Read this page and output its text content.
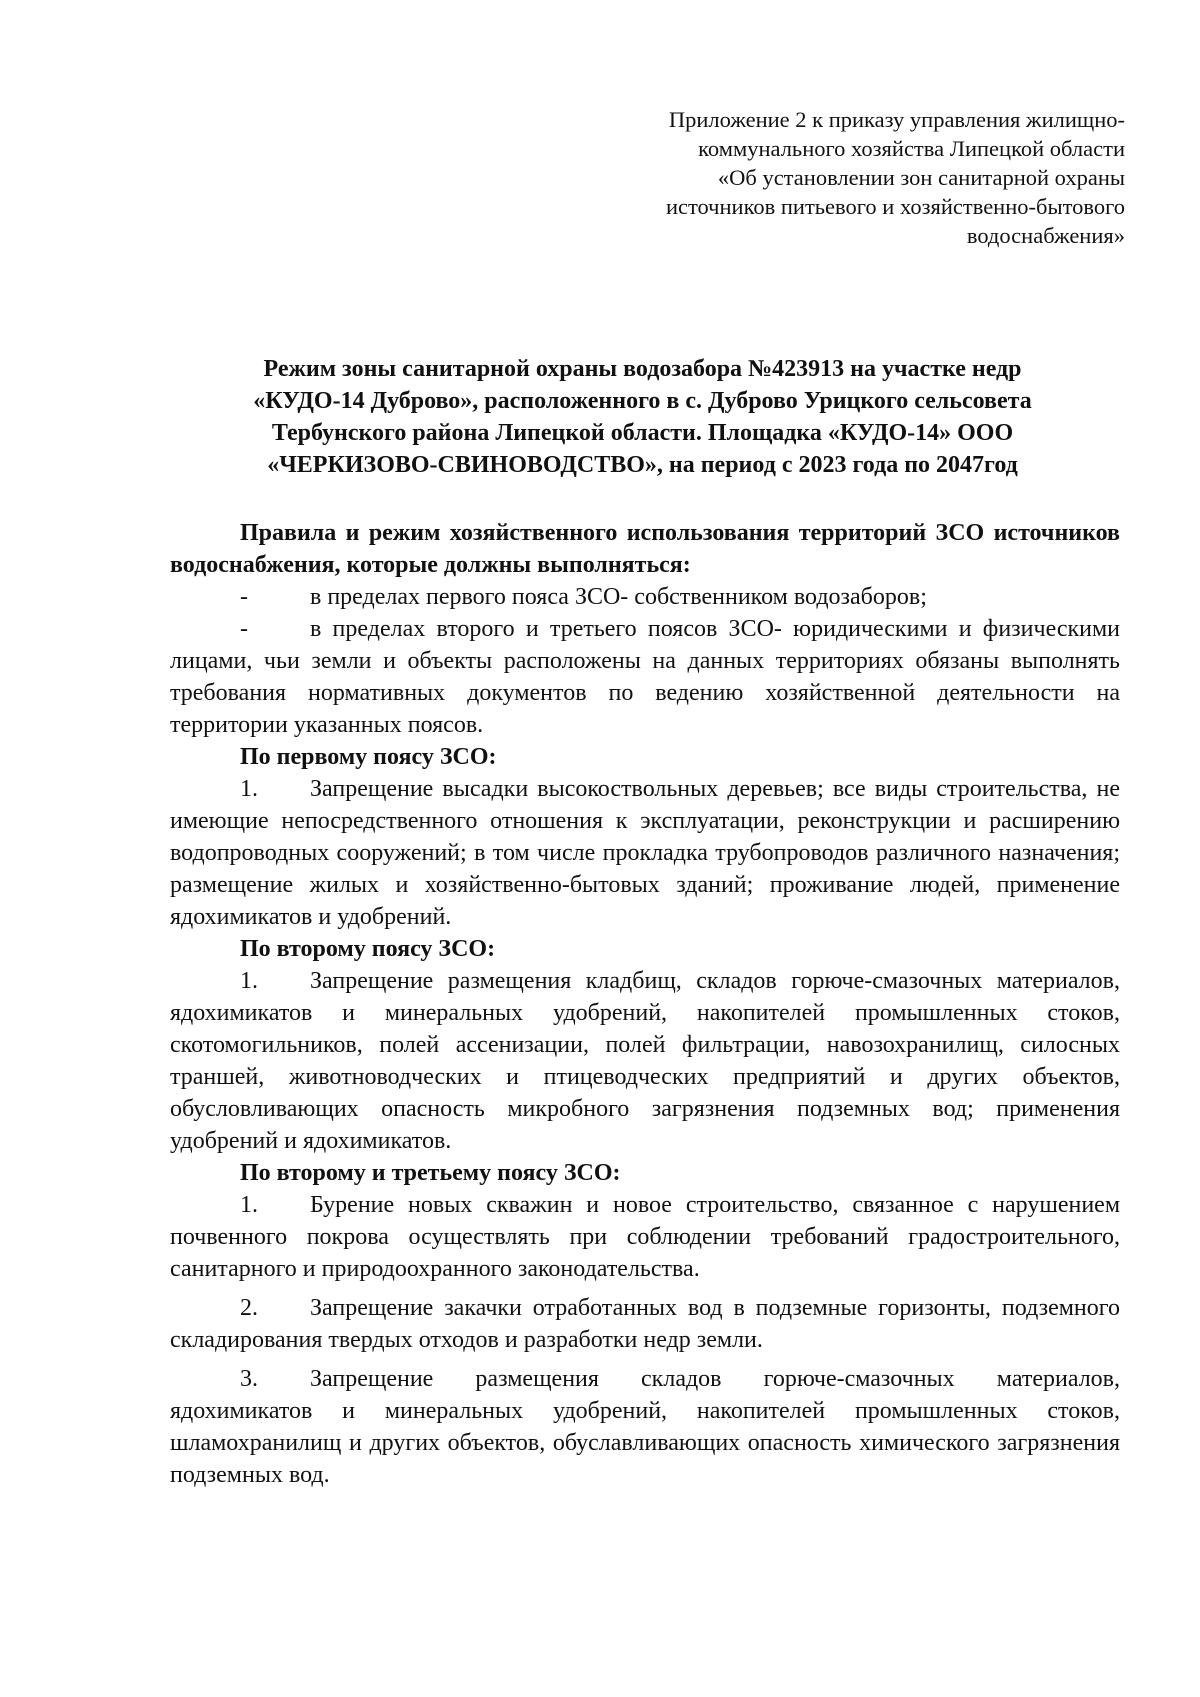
Приложение 2 к приказу управления жилищно-
коммунального хозяйства Липецкой области
«Об установлении зон санитарной охраны
источников питьевого и хозяйственно-бытового
водоснабжения»
Режим зоны санитарной охраны водозабора №423913 на участке недр
«КУДО-14 Дуброво», расположенного в с. Дуброво Урицкого сельсовета
Тербунского района Липецкой области. Площадка «КУДО-14» ООО
«ЧЕРКИЗОВО-СВИНОВОДСТВО», на период с 2023 года по 2047год

Правила и режим хозяйственного использования территорий ЗСО источников водоснабжения, которые должны выполняться:

-	в пределах первого пояса ЗСО- собственником водозаборов;

-	в пределах второго и третьего поясов ЗСО- юридическими и физическими лицами, чьи земли и объекты расположены на данных территориях обязаны выполнять требования нормативных документов по ведению хозяйственной деятельности на территории указанных поясов.

По первому поясу ЗСО:

1. Запрещение высадки высокоствольных деревьев; все виды строительства, не имеющие непосредственного отношения к эксплуатации, реконструкции и расширению водопроводных сооружений; в том числе прокладка трубопроводов различного назначения; размещение жилых и хозяйственно-бытовых зданий; проживание людей, применение ядохимикатов и удобрений.

По второму поясу ЗСО:

1. Запрещение размещения кладбищ, складов горюче-смазочных материалов, ядохимикатов и минеральных удобрений, накопителей промышленных стоков, скотомогильников, полей ассенизации, полей фильтрации, навозохранилищ, силосных траншей, животноводческих и птицеводческих предприятий и других объектов, обусловливающих опасность микробного загрязнения подземных вод; применения удобрений и ядохимикатов.

По второму и третьему поясу ЗСО:

1. Бурение новых скважин и новое строительство, связанное с нарушением почвенного покрова осуществлять при соблюдении требований градостроительного, санитарного и природоохранного законодательства.

2. Запрещение закачки отработанных вод в подземные горизонты, подземного складирования твердых отходов и разработки недр земли.

3. Запрещение размещения складов горюче-смазочных материалов, ядохимикатов и минеральных удобрений, накопителей промышленных стоков, шламохранилищ и других объектов, обуславливающих опасность химического загрязнения подземных вод.
